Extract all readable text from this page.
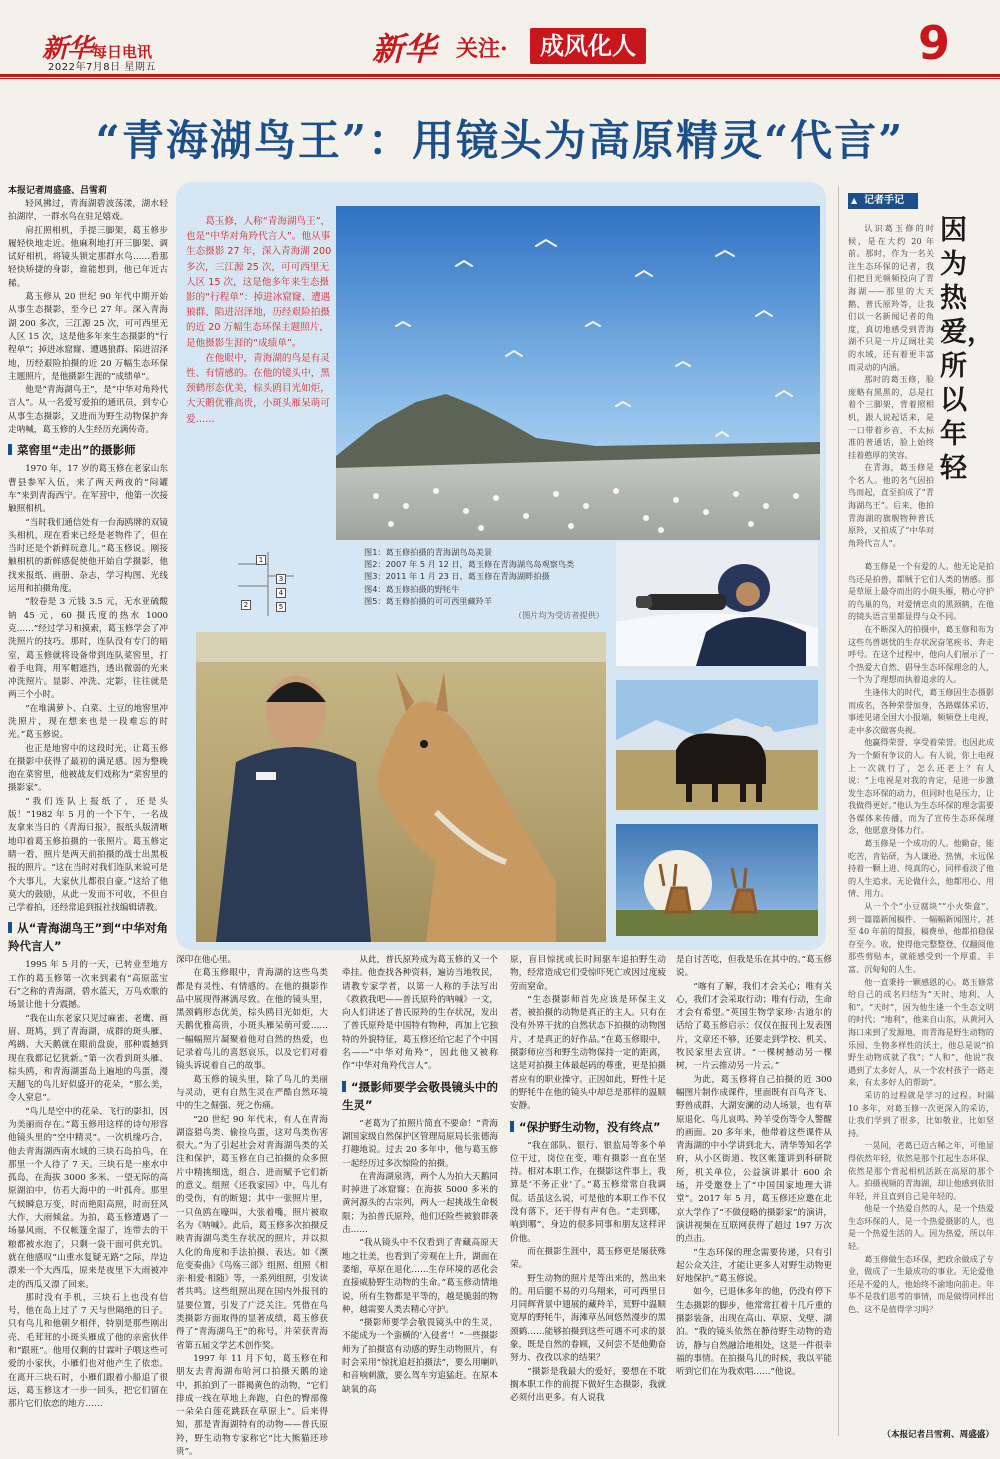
新华每日电讯
2022年7月8日 星期五	新华 关注·	成风化人	9
“青海湖鸟王”：用镜头为高原精灵“代言”
本报记者周盛盛、吕雪莉

轻风拂过，青海湖碧波荡漾，湖水轻拍湖岸，一群水鸟在驻足嬉戏。

肩扛照相机，手提三脚架，葛玉修步履轻快地走近。他麻利地打开三脚架、调试好相机，将镜头锁定那群水鸟……看那轻快矫捷的身影，谁能想到，他已年近古稀。

葛玉修从 20 世纪 90 年代中期开始从事生态摄影，至今已 27 年。深入青海湖 200 多次，三江源 25 次，可可西里无人区 15 次，这是他多年来生态摄影的“行程单”；掉进冰窟窿、遭遇狼群、陷进沼泽地，历经艰险拍摄的近 20 万幅生态环保主题照片，是他摄影生涯的“成绩单”。

他是“青海湖鸟王”，是“中华对角羚代言人”。从一名爱写爱拍的通讯员，到专心从事生态摄影，又进而为野生动物保护奔走呐喊，葛玉修的人生经历充满传奇。

菜窖里“走出”的摄影师

1970 年，17 岁的葛玉修在老家山东曹县参军入伍，来了两天两夜的“闷罐车”来到青海西宁。在军营中，他第一次接触照相机。

“当时我们通信处有一台海鸥牌的双镜头相机，现在看来已经是老物件了，但在当时还是个新鲜玩意儿。”葛玉修说。刚接触相机的新鲜感促使他开始自学摄影，他找来报纸、画册、杂志，学习构图、光线运用和拍摄角度。

“胶卷是 3 元钱 3.5 元，无水亚硫酸钠 45 元，60 摄氏度的热水 1000 克……”经过学习和摸索，葛玉修学会了冲洗照片的技巧。那时，连队没有专门的暗室，葛玉修就将设备带到连队菜窖里，打着手电筒，用军帽遮挡，透出微弱的光来冲洗照片。显影、冲洗、定影，往往就是两三个小时。

“在堆满萝卜、白菜、土豆的地窖里冲洗照片，现在想来也是一段难忘的时光。”葛玉修说。

也正是地窖中的这段时光，让葛玉修在摄影中获得了最初的满足感。因为整晚泡在菜窖里，他被战友们戏称为“菜窖里的摄影家”。

“我们连队上报纸了，还是头版！”1982 年 5 月的一个下午，一名战友拿来当日的《青海日报》，报纸头版清晰地印着葛玉修拍摄的一张照片。葛玉修定睛一看，照片是两天前拍摄的战士出黑板报的照片。“这在当时对我们连队来说可是个大事儿，大家伙儿都很自豪。”这给了他莫大的鼓励，从此一发而不可收，不但自己学着拍，还经常追到报社找编辑请教。

从“青海湖鸟王”到“中华对角羚代言人”

1995 年 5 月的一天，已转业至地方工作的葛玉修第一次来到素有“高原蓝宝石”之称的青海湖，碧水蓝天，万鸟欢歌的场景让他十分震撼。

“我在山东老家只见过麻雀、老鹰、画眉、斑鸠，到了青海湖，成群的斑头雁、鸬鹚、大天鹅就在眼前盘旋，那种震撼到现在我都记忆犹新。”第一次看到斑头雁、棕头鸥，和青海湖蛋岛上遍地的鸟蛋，漫天翻飞的鸟儿好似盛开的花朵，“那么美，令人窒息”。

“鸟儿是空中的花朵、飞行的影扣，因为美丽而存在。”葛玉修用这样的诗句形容他镜头里的“空中精灵”。一次机缘巧合，他去青海湖西南水域的三块石岛拍鸟，在那里一个人待了 7 天。三块石是一座水中孤岛，在海拔 3000 多米、一望无际的高原湖泊中，仿若大海中的一叶孤舟。那里气候瞬息万变，时而艳阳高照，时而狂风大作，大雨倾盆。为拍，葛玉修遭遇了一场暴风雨，不仅帐篷全湿了，连带去的干粮都被水泡了，只剩一袋干面可供充饥。就在他感叹“山重水复疑无路”之际，岸边漂来一个大西瓜，原来是夜里下大雨被冲走的西瓜又漂了回来。

那时没有手机，三块石上也没有信号，他在岛上过了 7 天与世隔绝的日子。只有鸟儿和他朝夕相伴，特别是那些刚出壳、毛茸茸的小斑头雁成了他的亲密伙伴和“跟班”。他用仅剩的甘霖叶子喂这些可爱的小家伙，小雁们也对他产生了依恋。在离开三块石时，小雁们跟着小船追了很远，葛玉修这才一步一回头，把它们留在那片它们依恋的地方……

葛玉修，人称“青海湖鸟王”，也是“中华对角羚代言人”。他从事生态摄影 27 年，深入青海湖 200 多次，三江源 25 次，可可西里无人区 15 次，这是他多年来生态摄影的“行程单”：掉进冰窟窿、遭遇狼群、陷进沼泽地，历经艰险拍摄的近 20 万幅生态环保主题照片，是他摄影生涯的“成绩单”。

在他眼中，青海湖的鸟是有灵性、有情感的。在他的镜头中，黑颈鹤形态优美，棕头鸥目光如炬，大天鹅优雅高贵，小斑头雁呆萌可爱……

1
2
3
4
5
图1：葛玉修拍摄的青海湖鸟岛美景
图2：2007 年 5 月 12 日，葛玉修在青海湖鸟岛观察鸟类
图3：2011 年 1 月 23 日，葛玉修在青海湖畔拍摄
图4：葛玉修拍摄的野牦牛
图5：葛玉修拍摄的可可西里藏羚羊
（图片均为受访者提供）

深印在他心里。

在葛玉修眼中，青海湖的这些鸟类都是有灵性、有情感的。在他的摄影作品中展现得淋漓尽致。在他的镜头里，黑颈鹤形态优美，棕头鸥目光如炬，大天鹅优雅高贵，小斑头雁呆萌可爱……一幅幅照片凝聚着他对自然的热爱，也记录着鸟儿的喜怒哀乐，以及它们对着镜头诉说着自己的故事。

葛玉修的镜头里，除了鸟儿的美丽与灵动，更有自然生灵在严酷自然环境中的生之倔强、死之伤痛。

“20 世纪 90 年代末，有人在青海湖盗猎鸟类、偷捡鸟蛋，这对鸟类伤害很大。”为了引起社会对青海湖鸟类的关注和保护，葛玉修在自己拍摄的众多照片中精挑细选，组合、进而赋予它们新的意义。组照《还我家园》中，鸟儿有的受伤，有的断翅；其中一张照片里，一只鱼鸥在嚎叫，大张着嘴，照片被取名为《呐喊》。此后，葛玉修多次拍摄反映青海湖鸟类生存状况的照片，并以拟人化的角度和手法拍摄、表达。如《濒危变奏曲》《鸟殇三部》组照、组照《相亲·相爱·相随》等，一系列组照，引发读者共鸣。这些组照出现在国内外报刊的显要位置，引发了广泛关注。凭借在鸟类摄影方面取得的显著成绩，葛玉修获得了“青海湖鸟王”的称号，并荣获青海省第五届文学艺术创作奖。

1997 年 11 月下旬，葛玉修在和朋友去青海湖布哈河口拍摄天鹅的途中，抓拍到了一群褐黄色的动物，“它们排成一线在草地上奔跑，白色的臀部像一朵朵白莲花跳跃在草原上”。后来得知，那是青海湖特有的动物——普氏原羚，野生动物专家称它“比大熊猫还珍贵”。

从此，普氏原羚成为葛玉修的又一个牵挂。他查找各种资料，遍访当地牧民，请教专家学者，以第一人称的手法写出《救救我吧——普氏原羚的呐喊》一文，向人们讲述了普氏原羚的生存状况，发出了普氏原羚是中国特有物种，再加上它独特的外貌特征，葛玉修还给它起了个中国名——“中华对角羚”，因此他又被称作“中华对角羚代言人”。

“摄影师要学会敬畏镜头中的生灵”

“老葛为了拍照片简直不要命！”青海湖国家级自然保护区管理局原局长张德海打趣地说。过去 20 多年中，他与葛玉修一起经历过多次惊险的拍摄。

在青海湖泉湾，两个人为拍大天鹅同时掉进了冰窟窿；在海拔 5000 多米的黄河源头的古宗列，两人一起挑战生命极限；为拍普氏原羚，他们还险些被狼群袭击……

“我从镜头中不仅看到了青藏高原天地之壮美，也看到了旁观在上升，湖面在萎缩，草原在退化……生存环境的恶化会直接威胁野生动物的生命。”葛玉修动情地说，所有生物都是平等的，越是脆弱的物种，越需要人类去精心守护。

“摄影师要学会敬畏镜头中的生灵，不能成为一个蛮横的‘入侵者’！”一些摄影师为了拍摄富有动感的野生动物照片，有时会采用“惊扰追赶拍摄法”，要么用喇叭和音响刺激，要么驾车穷追猛赶。在原本缺氧的高

原，盲目惊扰或长时间驱车追拍野生动物，经常造成它们受惊吓死亡或因过度疲劳而窒命。

“生态摄影师首先应该是环保主义者，被拍摄的动物是真正的主人。只有在没有外界干扰的自然状态下拍摄的动物图片，才是真正的好作品。”在葛玉修眼中，摄影师应当和野生动物保持一定的距离，这是对拍摄主体最起码的尊重，更是拍摄者应有的职业操守。正因如此，野性十足的野牦牛在他的镜头中却总是那样的温顺安静。

“保护野生动物，没有终点”

“我在部队、银行、银监局等多个单位干过，岗位在变，唯有摄影一直在坚持。相对本职工作，在摄影这件事上，我算是‘不务正业’了。”葛玉修常常自我调侃。话虽这么说，可是他的本职工作不仅没有落下，还干得有声有色。“走到哪，响到哪”，身边的很多同事和朋友这样评价他。

而在摄影生涯中，葛玉修更是屡获殊荣。

野生动物的照片是等出来的，然出来的。用后腿不易的刃乌翔来，可可西里日月同辉背景中翅展的藏羚羊，荒野中温顺宽厚的野牦牛，海滩草丛间悠然漫步的黑颈鹤……能够拍摄到这些可遇不可求的景象，既是自然的眷顾，又何尝不是他勤奋努力、孜孜以求的结果？

“摄影是我最大的爱好，要想在不耽搁本职工作的前提下做好生态摄影，我就必须付出更多。有人说我

是自讨苦吃，但我是乐在其中的。”葛玉修说。

“喀有了解，我们才会关心；唯有关心，我们才会采取行动；唯有行动，生命才会有希望。”英国生物学家珍·古道尔的话给了葛玉修启示：仅仅在报刊上发表图片，文章还不够，还要走到学校、机关、牧民家里去宣讲。“一棵树撼动另一棵树，一片云推动另一片云。”

为此，葛玉修将自己拍摄的近 300 幅图片制作成课件，里面既有百鸟齐飞、野兽成群、大湖安澜的动人场景，也有草原退化、鸟儿哀鸣、羚羊受伤等令人警醒的画面。20 多年来，他带着这些课件从青海湖的中小学讲到北大、清华等知名学府，从小区街道、牧区帐篷讲到科研院所，机关单位，公益演讲累计 600 余场，并受邀登上了“中国国家地理大讲堂”。2017 年 5 月，葛玉修还应邀在北京大学作了“不做侵略的摄影家”的演讲，演讲视频在互联网获得了超过 197 万次的点击。

“生态环保的理念需要传递，只有引起公众关注，才能让更多人对野生动物更好地保护。”葛玉修说。

如今，已退休多年的他，仍没有停下生态摄影的脚步，他常常扛着十几斤重的摄影装备，出现在高山、草原、戈壁、湖泊。“我的镜头依然在静待野生动物的造访，静与自然融洽地相处，这是一件很幸福的事情。在拍摄鸟儿的时候，我以平能听到它们在为我欢唱……”他说。

▲ 记者手记
因为热爱，所以年轻

认识葛玉修的时候，是在大约 20 年前。那时，作为一名关注生态环保的记者，我们把目光频频投向了青海湖——那里的大天鹅、普氏原羚等，让我们以一名新闻记者的角度，真切地感受到青海湖不只是一片辽阔壮美的水域，还有着更丰富而灵动的内涵。

那时的葛玉修，脸庞略有黑黑的，总是扛着个三脚架，背着照相机，跟人说起话来，是一口带着乡音、不太标准的普通话，脸上始终挂着憨厚的笑容。

在青海，葛玉修是个名人。他的名气因拍鸟而起，直至拍成了“青海湖鸟王”。后来，他拍青海湖的旗舰物种普氏原羚，又拍成了“中华对角羚代言人”。

葛玉修是一个有爱的人。他无论是拍鸟还是拍兽，都贼于它们人类的情感。那是草原上最夺而出的小斑头雁，精心守护的鸟巢的鸟，对爱情忠贞的黑颈鹤，在他的镜头语言里都显得与众不同。

在不断深入的拍摄中，葛玉修和布为这些鸟兽堪忧的生存状况奋笔疾书、奔走呼号。在这个过程中，他向人们展示了一个热爱大自然、倡导生态环保理念的人，一个为了理想而执着追求的人。

生逢伟大的时代，葛玉修因生态摄影而成名，各种荣誉加身，各路媒体采访，事迹见诸全国大小报端，频频登上电视，走中多次做客央视。

他赢得荣誉、享受着荣誉。也因此成为一个颇有争议的人。有人说，你上电视上一次就行了，怎么还老上？有人说：“上电视是对我的肯定，是进一步激发生态环保的动力，但同时也是压力，让我做得更好。”他认为生态环保的理念需要各媒体来传播，而为了宣传生态环保理念，他愿意身体力行。

葛玉修是一个成功的人。他勤奋，能吃苦，肯钻研，为人谦逊、热情，永远保持着一颗上进、纯真的心，同样看淡了他的人生追求。无论做什么，他都用心、用情、用力。

从一个个“小豆腐块”“小火柴盒”，到一篇篇新闻稿件、一幅幅新闻图片，甚至 40 年前的简报，稿费单，他都拍稳保存至今。收，使得他完整整登、仅翻阅他那些剪贴本，就能感受到一个厚重、丰富、沉甸甸的人生。

他一直秉持一颗感恩的心。葛玉修常给自己的成名归结为“天时、地利、人和”。“天时”，因为他生逢一个生态文明的时代；“地利”，他来自山东，从黄河入海口来到了发源地，而青海是野生动物的乐园、生物多样性的沃土，他总是说“拍野生动物成就了我”；“人和”，他说“我遇到了太多好人，从一个农村孩子一路走来，有太多好人的帮助”。

采访的过程就是学习的过程。时隔 10 多年，对葛玉修一次更深入的采访，让我们学到了很多，比如敬业，比如坚持。

一晃间，老葛已迈古稀之年，可他显得依然年轻，依然是那个扛起生态环保、依然是那个背起相机活跃在高原的那个人。拍摄视频的青海湖，却让他感到依旧年轻，并且直到自己是年轻的。

他是一个热爱自然的人，是一个热爱生态环保的人，是一个热爱摄影的人，也是一个热爱生活的人。因为热爱，所以年轻。

葛玉修做生态环保，把政余做成了专业，做成了一生最成功的事业。无论爱他还是不爱的人，他始终不渝地向前走。年华不是我们思考的事情，而是做得同样出色、这不是值得学习吗？

（本报记者吕雪莉、周盛盛）
